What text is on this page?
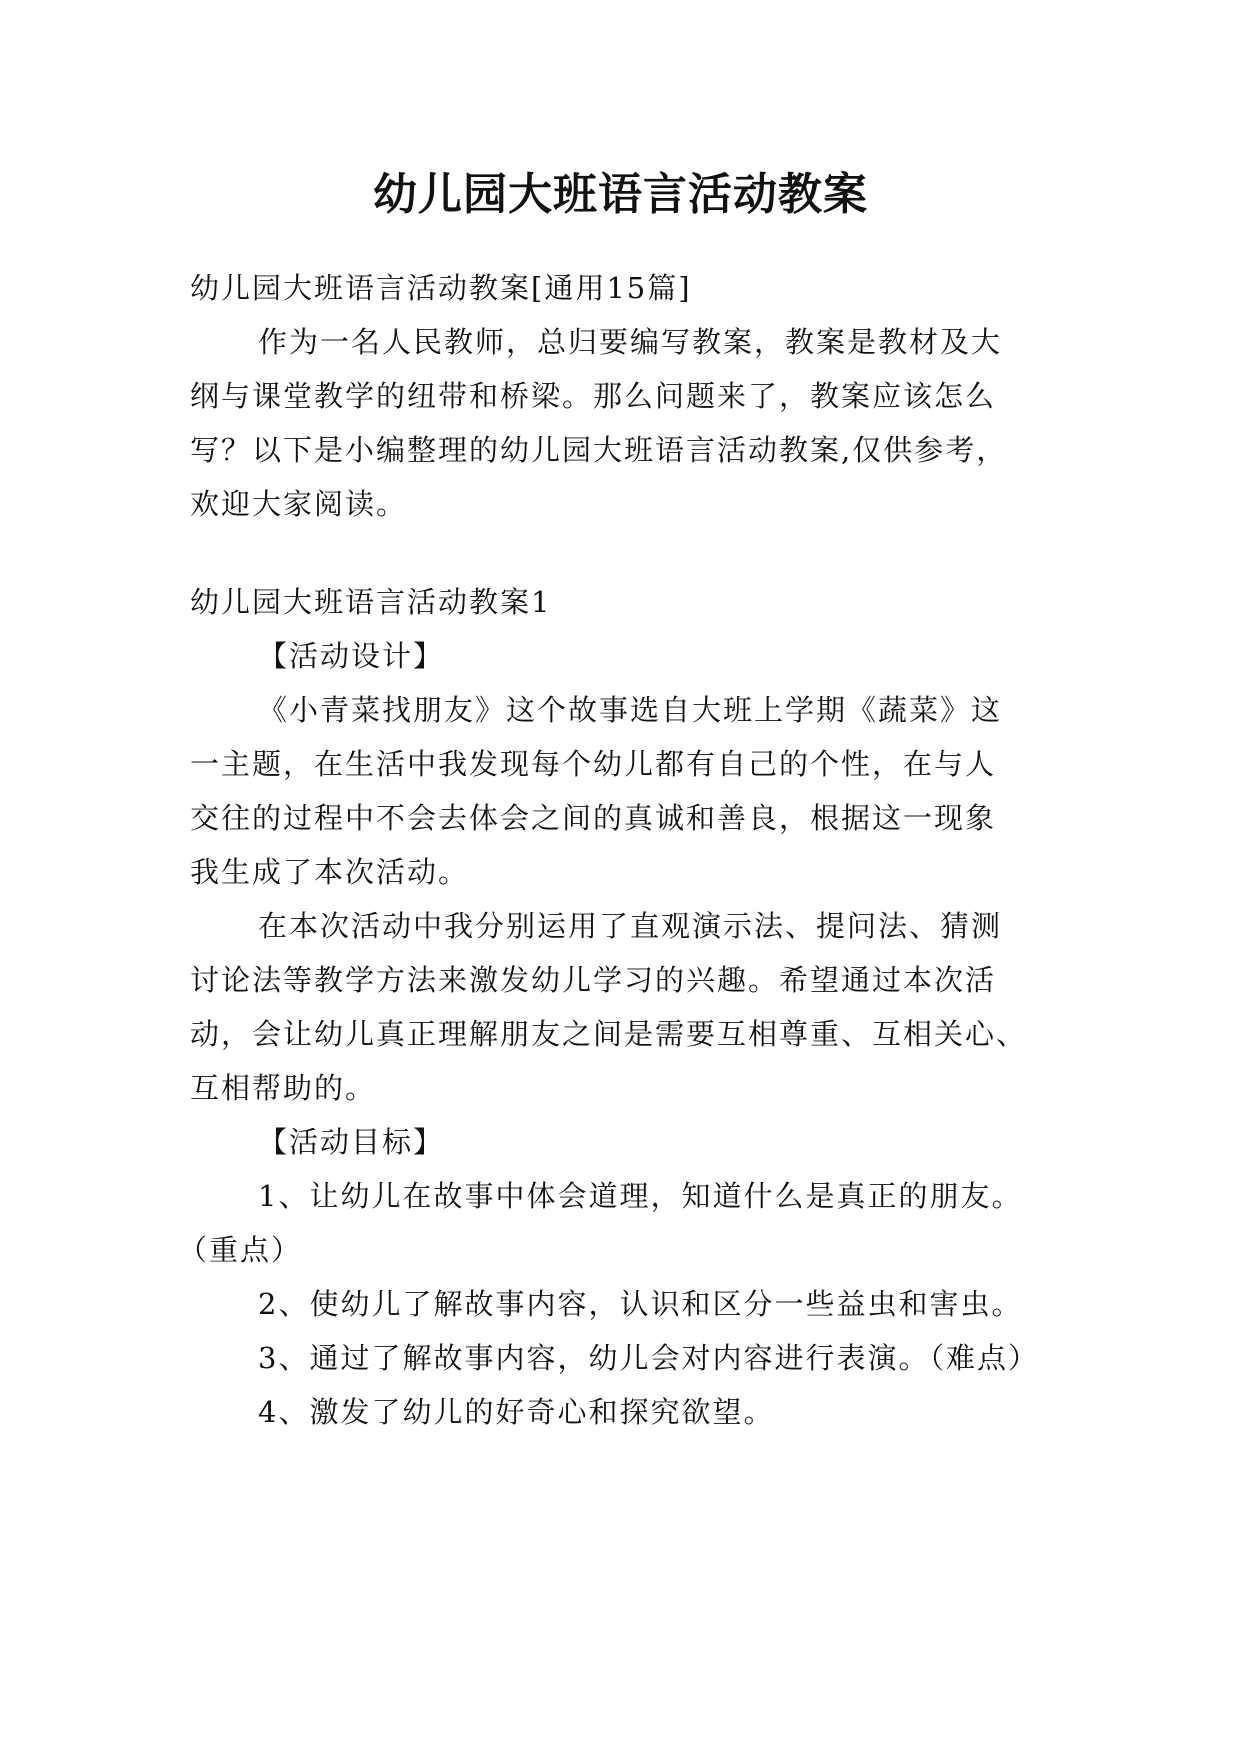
幼儿园大班语言活动教案
幼儿园大班语言活动教案[通用15篇]
作为一名人民教师，总归要编写教案，教案是教材及大
纲与课堂教学的纽带和桥梁。那么问题来了，教案应该怎么
写？以下是小编整理的幼儿园大班语言活动教案,仅供参考，
欢迎大家阅读。
幼儿园大班语言活动教案1
【活动设计】
《小青菜找朋友》这个故事选自大班上学期《蔬菜》这
一主题，在生活中我发现每个幼儿都有自己的个性，在与人
交往的过程中不会去体会之间的真诚和善良，根据这一现象
我生成了本次活动。
在本次活动中我分别运用了直观演示法、提问法、猜测
讨论法等教学方法来激发幼儿学习的兴趣。希望通过本次活
动，会让幼儿真正理解朋友之间是需要互相尊重、互相关心、
互相帮助的。
【活动目标】
1、让幼儿在故事中体会道理，知道什么是真正的朋友。
（重点）
2、使幼儿了解故事内容，认识和区分一些益虫和害虫。
3、通过了解故事内容，幼儿会对内容进行表演。（难点）
4、激发了幼儿的好奇心和探究欲望。
